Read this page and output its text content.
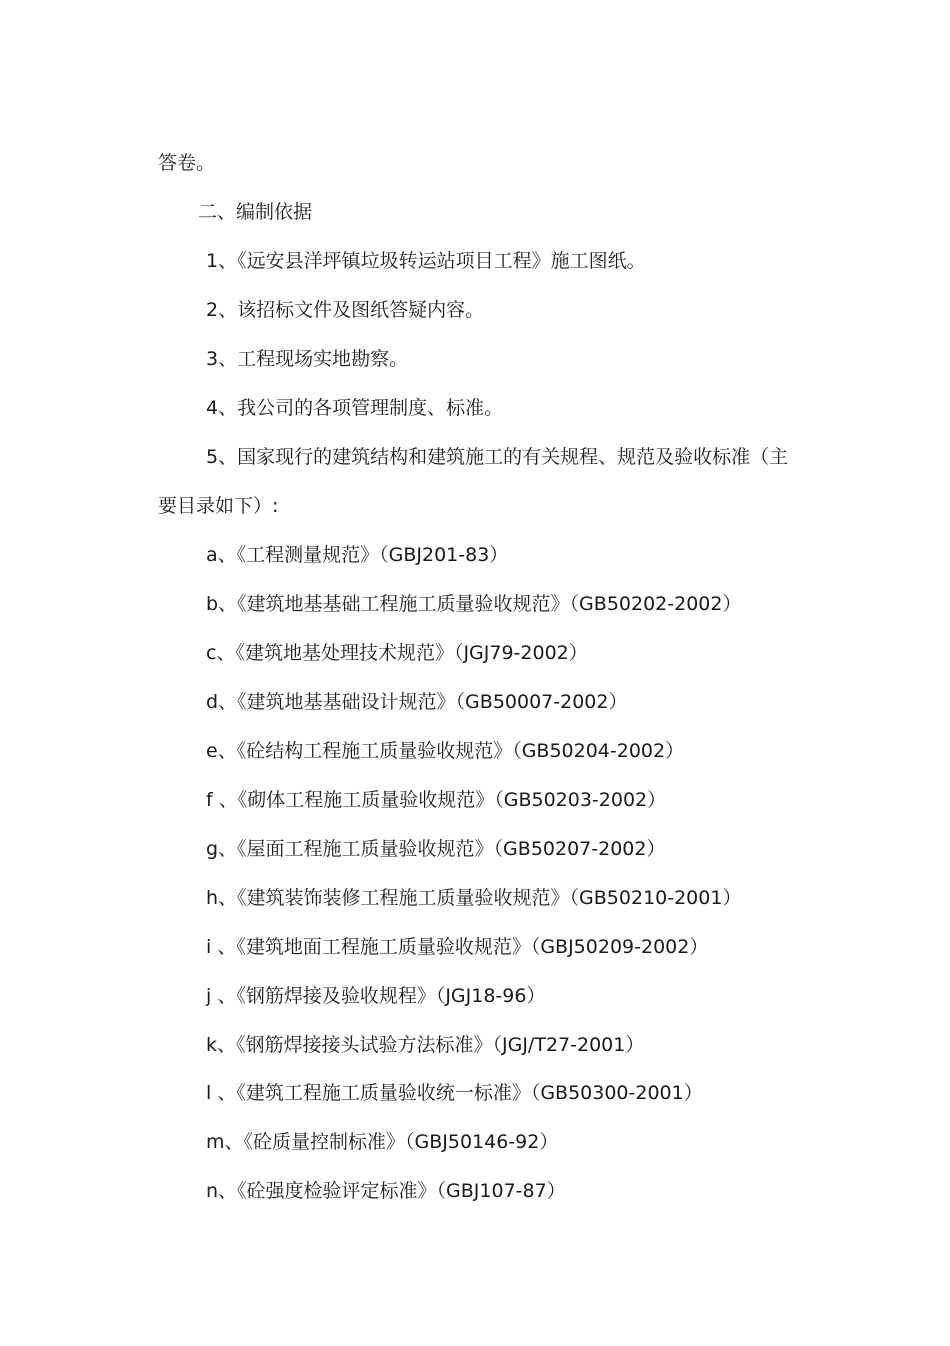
答卷。
二、编制依据
1、《远安县洋坪镇垃圾转运站项目工程》施工图纸。
2、该招标文件及图纸答疑内容。
3、工程现场实地勘察。
4、我公司的各项管理制度、标准。
5、国家现行的建筑结构和建筑施工的有关规程、规范及验收标准（主
要目录如下）:
a、《工程测量规范》（GBJ201-83）
b、《建筑地基基础工程施工质量验收规范》（GB50202-2002）
c、《建筑地基处理技术规范》（JGJ79-2002）
d、《建筑地基基础设计规范》（GB50007-2002）
e、《砼结构工程施工质量验收规范》（GB50204-2002）
f 、《砌体工程施工质量验收规范》（GB50203-2002）
g、《屋面工程施工质量验收规范》（GB50207-2002）
h、《建筑装饰装修工程施工质量验收规范》（GB50210-2001）
i 、《建筑地面工程施工质量验收规范》（GBJ50209-2002）
j 、《钢筋焊接及验收规程》（JGJ18-96）
k、《钢筋焊接接头试验方法标准》（JGJ/T27-2001）
l 、《建筑工程施工质量验收统一标准》（GB50300-2001）
m、《砼质量控制标准》（GBJ50146-92）
n、《砼强度检验评定标准》（GBJ107-87）
